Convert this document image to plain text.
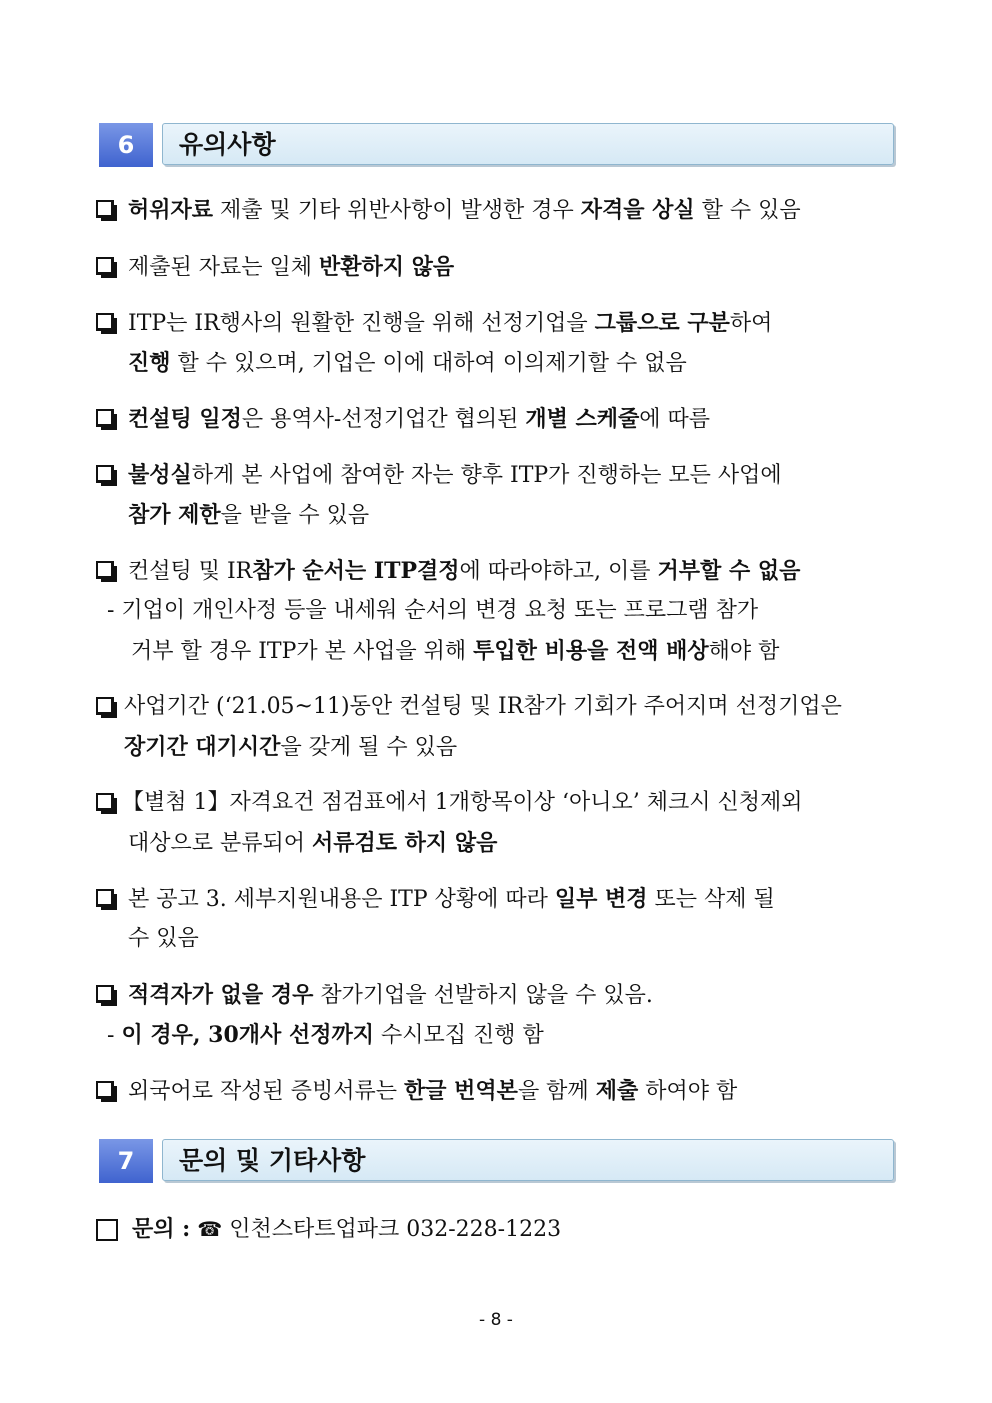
6	유의사항
허위자료 제출 및 기타 위반사항이 발생한 경우 자격을 상실 할 수 있음
제출된 자료는 일체 반환하지 않음
ITP는 IR행사의 원활한 진행을 위해 선정기업을 그룹으로 구분하여
진행 할 수 있으며, 기업은 이에 대하여 이의제기할 수 없음
컨설팅 일정은 용역사-선정기업간 협의된 개별 스케줄에 따름
불성실하게 본 사업에 참여한 자는 향후 ITP가 진행하는 모든 사업에
참가 제한을 받을 수 있음
컨설팅 및 IR참가 순서는 ITP결정에 따라야하고, 이를 거부할 수 없음
- 기업이 개인사정 등을 내세워 순서의 변경 요청 또는 프로그램 참가
거부 할 경우 ITP가 본 사업을 위해 투입한 비용을 전액 배상해야 함
사업기간 (‘21.05~11)동안 컨설팅 및 IR참가 기회가 주어지며 선정기업은
장기간 대기시간을 갖게 될 수 있음
【별첨 1】자격요건 점검표에서 1개항목이상 ‘아니오’ 체크시 신청제외
대상으로 분류되어 서류검토 하지 않음
본 공고 3. 세부지원내용은 ITP 상황에 따라 일부 변경 또는 삭제 될
수 있음
적격자가 없을 경우 참가기업을 선발하지 않을 수 있음.
- 이 경우, 30개사 선정까지 수시모집 진행 함
외국어로 작성된 증빙서류는 한글 번역본을 함께 제출 하여야 함
7	문의 및 기타사항
문의 : ☎ 인천스타트업파크 032-228-1223
- 8 -
